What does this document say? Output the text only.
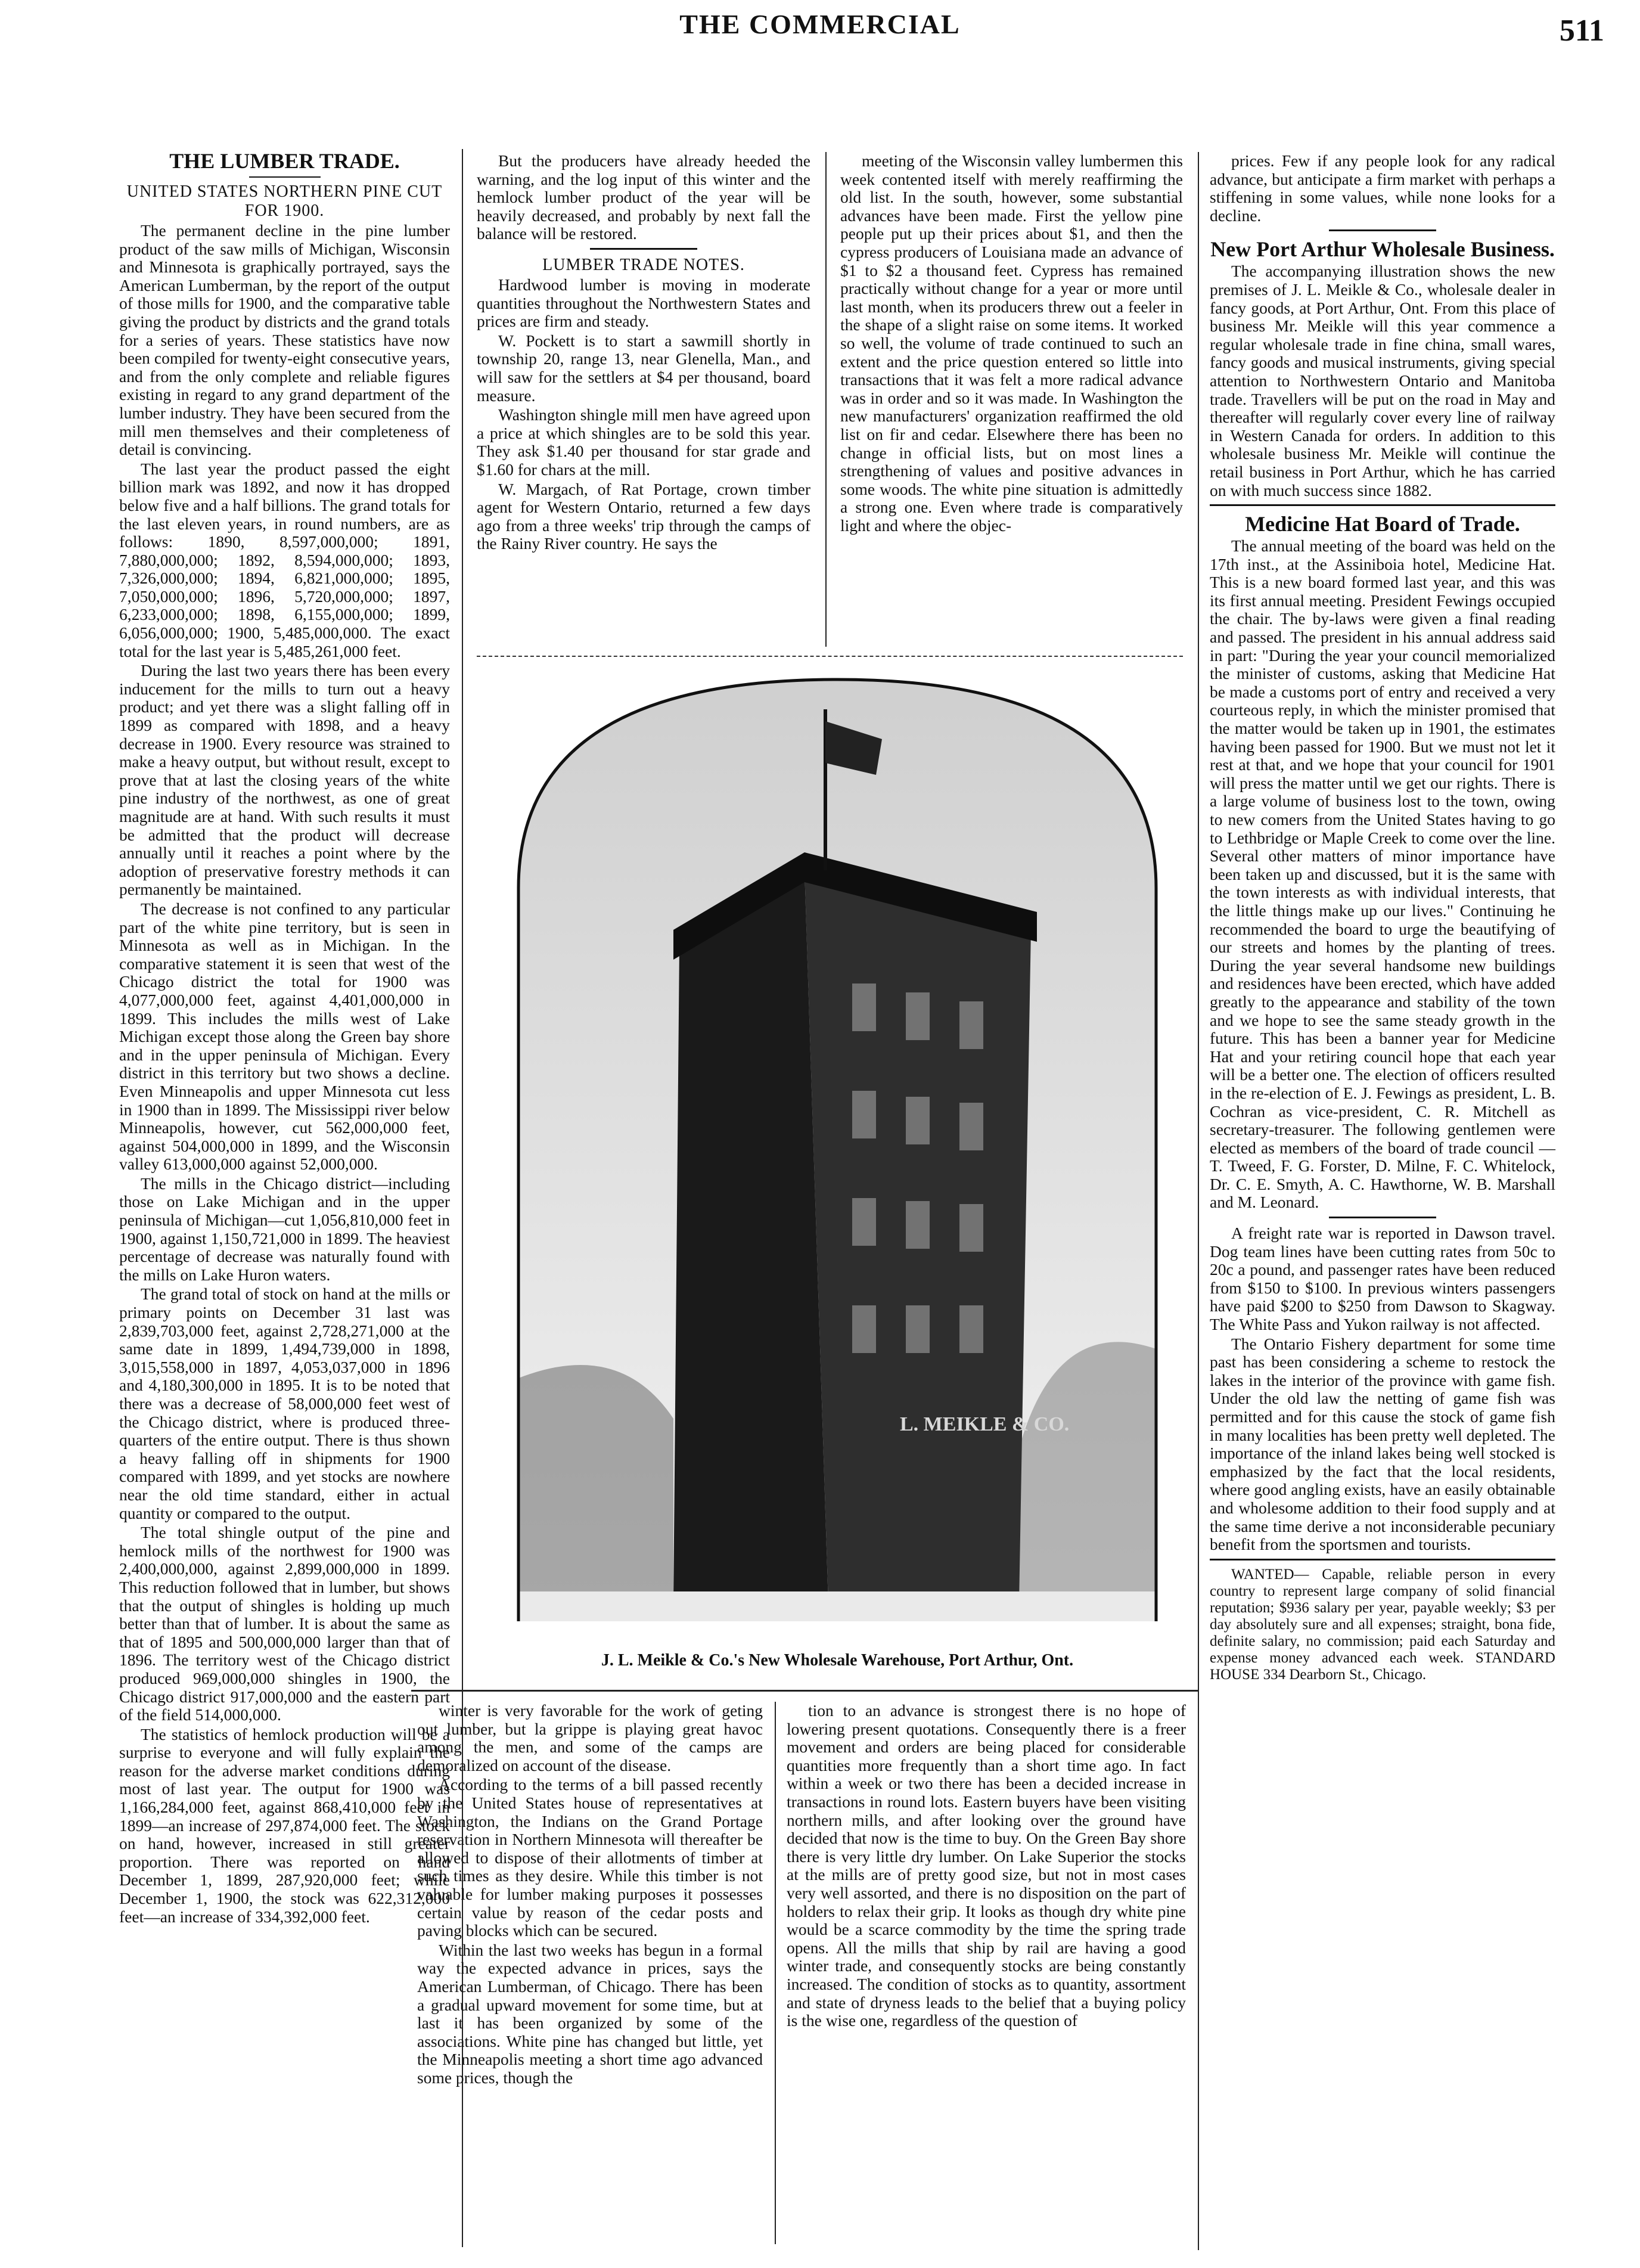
THE COMMERCIAL	511

THE LUMBER TRADE.

UNITED STATES NORTHERN PINE CUT FOR 1900.

The permanent decline in the pine lumber product of the saw mills of Michigan, Wisconsin and Minnesota is graphically portrayed, says the American Lumberman, by the report of the output of those mills for 1900, and the comparative table giving the product by districts and the grand totals for a series of years. These statistics have now been compiled for twenty-eight consecutive years, and from the only complete and reliable figures existing in regard to any grand department of the lumber industry. They have been secured from the mill men themselves and their completeness of detail is convincing.

The last year the product passed the eight billion mark was 1892, and now it has dropped below five and a half billions. The grand totals for the last eleven years, in round numbers, are as follows: 1890, 8,597,000,000; 1891, 7,880,000,000; 1892, 8,594,000,000; 1893, 7,326,000,000; 1894, 6,821,000,000; 1895, 7,050,000,000; 1896, 5,720,000,000; 1897, 6,233,000,000; 1898, 6,155,000,000; 1899, 6,056,000,000; 1900, 5,485,000,000. The exact total for the last year is 5,485,261,000 feet.

During the last two years there has been every inducement for the mills to turn out a heavy product; and yet there was a slight falling off in 1899 as compared with 1898, and a heavy decrease in 1900. Every resource was strained to make a heavy output, but without result, except to prove that at last the closing years of the white pine industry of the northwest, as one of great magnitude are at hand. With such results it must be admitted that the product will decrease annually until it reaches a point where by the adoption of preservative forestry methods it can permanently be maintained.

The decrease is not confined to any particular part of the white pine territory, but is seen in Minnesota as well as in Michigan. In the comparative statement it is seen that west of the Chicago district the total for 1900 was 4,077,000,000 feet, against 4,401,000,000 in 1899. This includes the mills west of Lake Michigan except those along the Green bay shore and in the upper peninsula of Michigan. Every district in this territory but two shows a decline. Even Minneapolis and upper Minnesota cut less in 1900 than in 1899. The Mississippi river below Minneapolis, however, cut 562,000,000 feet, against 504,000,000 in 1899, and the Wisconsin valley 613,000,000 against 52,000,000.

The mills in the Chicago district—including those on Lake Michigan and in the upper peninsula of Michigan—cut 1,056,810,000 feet in 1900, against 1,150,721,000 in 1899. The heaviest percentage of decrease was naturally found with the mills on Lake Huron waters.

The grand total of stock on hand at the mills or primary points on December 31 last was 2,839,703,000 feet, against 2,728,271,000 at the same date in 1899, 1,494,739,000 in 1898, 3,015,558,000 in 1897, 4,053,037,000 in 1896 and 4,180,300,000 in 1895. It is to be noted that there was a decrease of 58,000,000 feet west of the Chicago district, where is produced three-quarters of the entire output. There is thus shown a heavy falling off in shipments for 1900 compared with 1899, and yet stocks are nowhere near the old time standard, either in actual quantity or compared to the output.

The total shingle output of the pine and hemlock mills of the northwest for 1900 was 2,400,000,000, against 2,899,000,000 in 1899. This reduction followed that in lumber, but shows that the output of shingles is holding up much better than that of lumber. It is about the same as that of 1895 and 500,000,000 larger than that of 1896. The territory west of the Chicago district produced 969,000,000 shingles in 1900, the Chicago district 917,000,000 and the eastern part of the field 514,000,000.

The statistics of hemlock production will be a surprise to everyone and will fully explain the reason for the adverse market conditions during most of last year. The output for 1900 was 1,166,284,000 feet, against 868,410,000 feet in 1899—an increase of 297,874,000 feet. The stock on hand, however, increased in still greater proportion. There was reported on hand December 1, 1899, 287,920,000 feet; while December 1, 1900, the stock was 622,312,000 feet—an increase of 334,392,000 feet.

But the producers have already heeded the warning, and the log input of this winter and the hemlock lumber product of the year will be heavily decreased, and probably by next fall the balance will be restored.

LUMBER TRADE NOTES.

Hardwood lumber is moving in moderate quantities throughout the Northwestern States and prices are firm and steady.

W. Pockett is to start a sawmill shortly in township 20, range 13, near Glenella, Man., and will saw for the settlers at $4 per thousand, board measure.

Washington shingle mill men have agreed upon a price at which shingles are to be sold this year. They ask $1.40 per thousand for star grade and $1.60 for chars at the mill.

W. Margach, of Rat Portage, crown timber agent for Western Ontario, returned a few days ago from a three weeks' trip through the camps of the Rainy River country. He says the

meeting of the Wisconsin valley lumbermen this week contented itself with merely reaffirming the old list. In the south, however, some substantial advances have been made. First the yellow pine people put up their prices about $1, and then the cypress producers of Louisiana made an advance of $1 to $2 a thousand feet. Cypress has remained practically without change for a year or more until last month, when its producers threw out a feeler in the shape of a slight raise on some items. It worked so well, the volume of trade continued to such an extent and the price question entered so little into transactions that it was felt a more radical advance was in order and so it was made. In Washington the new manufacturers' organization reaffirmed the old list on fir and cedar. Elsewhere there has been no change in official lists, but on most lines a strengthening of values and positive advances in some woods. The white pine situation is admittedly a strong one. Even where trade is comparatively light and where the objec-

L. MEIKLE & CO.
J. L. Meikle & Co.'s New Wholesale Warehouse, Port Arthur, Ont.

winter is very favorable for the work of geting out lumber, but la grippe is playing great havoc among the men, and some of the camps are demoralized on account of the disease.

According to the terms of a bill passed recently by the United States house of representatives at Washington, the Indians on the Grand Portage reservation in Northern Minnesota will thereafter be allowed to dispose of their allotments of timber at such times as they desire. While this timber is not valuable for lumber making purposes it possesses certain value by reason of the cedar posts and paving blocks which can be secured.

Within the last two weeks has begun in a formal way the expected advance in prices, says the American Lumberman, of Chicago. There has been a gradual upward movement for some time, but at last it has been organized by some of the associations. White pine has changed but little, yet the Minneapolis meeting a short time ago advanced some prices, though the

tion to an advance is strongest there is no hope of lowering present quotations. Consequently there is a freer movement and orders are being placed for considerable quantities more frequently than a short time ago. In fact within a week or two there has been a decided increase in transactions in round lots. Eastern buyers have been visiting northern mills, and after looking over the ground have decided that now is the time to buy. On the Green Bay shore there is very little dry lumber. On Lake Superior the stocks at the mills are of pretty good size, but not in most cases very well assorted, and there is no disposition on the part of holders to relax their grip. It looks as though dry white pine would be a scarce commodity by the time the spring trade opens. All the mills that ship by rail are having a good winter trade, and consequently stocks are being constantly increased. The condition of stocks as to quantity, assortment and state of dryness leads to the belief that a buying policy is the wise one, regardless of the question of

prices. Few if any people look for any radical advance, but anticipate a firm market with perhaps a stiffening in some values, while none looks for a decline.

New Port Arthur Wholesale Business.

The accompanying illustration shows the new premises of J. L. Meikle & Co., wholesale dealer in fancy goods, at Port Arthur, Ont. From this place of business Mr. Meikle will this year commence a regular wholesale trade in fine china, small wares, fancy goods and musical instruments, giving special attention to Northwestern Ontario and Manitoba trade. Travellers will be put on the road in May and thereafter will regularly cover every line of railway in Western Canada for orders. In addition to this wholesale business Mr. Meikle will continue the retail business in Port Arthur, which he has carried on with much success since 1882.

Medicine Hat Board of Trade.

The annual meeting of the board was held on the 17th inst., at the Assiniboia hotel, Medicine Hat. This is a new board formed last year, and this was its first annual meeting. President Fewings occupied the chair. The by-laws were given a final reading and passed. The president in his annual address said in part: "During the year your council memorialized the minister of customs, asking that Medicine Hat be made a customs port of entry and received a very courteous reply, in which the minister promised that the matter would be taken up in 1901, the estimates having been passed for 1900. But we must not let it rest at that, and we hope that your council for 1901 will press the matter until we get our rights. There is a large volume of business lost to the town, owing to new comers from the United States having to go to Lethbridge or Maple Creek to come over the line. Several other matters of minor importance have been taken up and discussed, but it is the same with the town interests as with individual interests, that the little things make up our lives." Continuing he recommended the board to urge the beautifying of our streets and homes by the planting of trees. During the year several handsome new buildings and residences have been erected, which have added greatly to the appearance and stability of the town and we hope to see the same steady growth in the future. This has been a banner year for Medicine Hat and your retiring council hope that each year will be a better one. The election of officers resulted in the re-election of E. J. Fewings as president, L. B. Cochran as vice-president, C. R. Mitchell as secretary-treasurer. The following gentlemen were elected as members of the board of trade council —T. Tweed, F. G. Forster, D. Milne, F. C. Whitelock, Dr. C. E. Smyth, A. C. Hawthorne, W. B. Marshall and M. Leonard.

A freight rate war is reported in Dawson travel. Dog team lines have been cutting rates from 50c to 20c a pound, and passenger rates have been reduced from $150 to $100. In previous winters passengers have paid $200 to $250 from Dawson to Skagway. The White Pass and Yukon railway is not affected.

The Ontario Fishery department for some time past has been considering a scheme to restock the lakes in the interior of the province with game fish. Under the old law the netting of game fish was permitted and for this cause the stock of game fish in many localities has been pretty well depleted. The importance of the inland lakes being well stocked is emphasized by the fact that the local residents, where good angling exists, have an easily obtainable and wholesome addition to their food supply and at the same time derive a not inconsiderable pecuniary benefit from the sportsmen and tourists.

WANTED— Capable, reliable person in every country to represent large company of solid financial reputation; $936 salary per year, payable weekly; $3 per day absolutely sure and all expenses; straight, bona fide, definite salary, no commission; paid each Saturday and expense money advanced each week. STANDARD HOUSE 334 Dearborn St., Chicago.
